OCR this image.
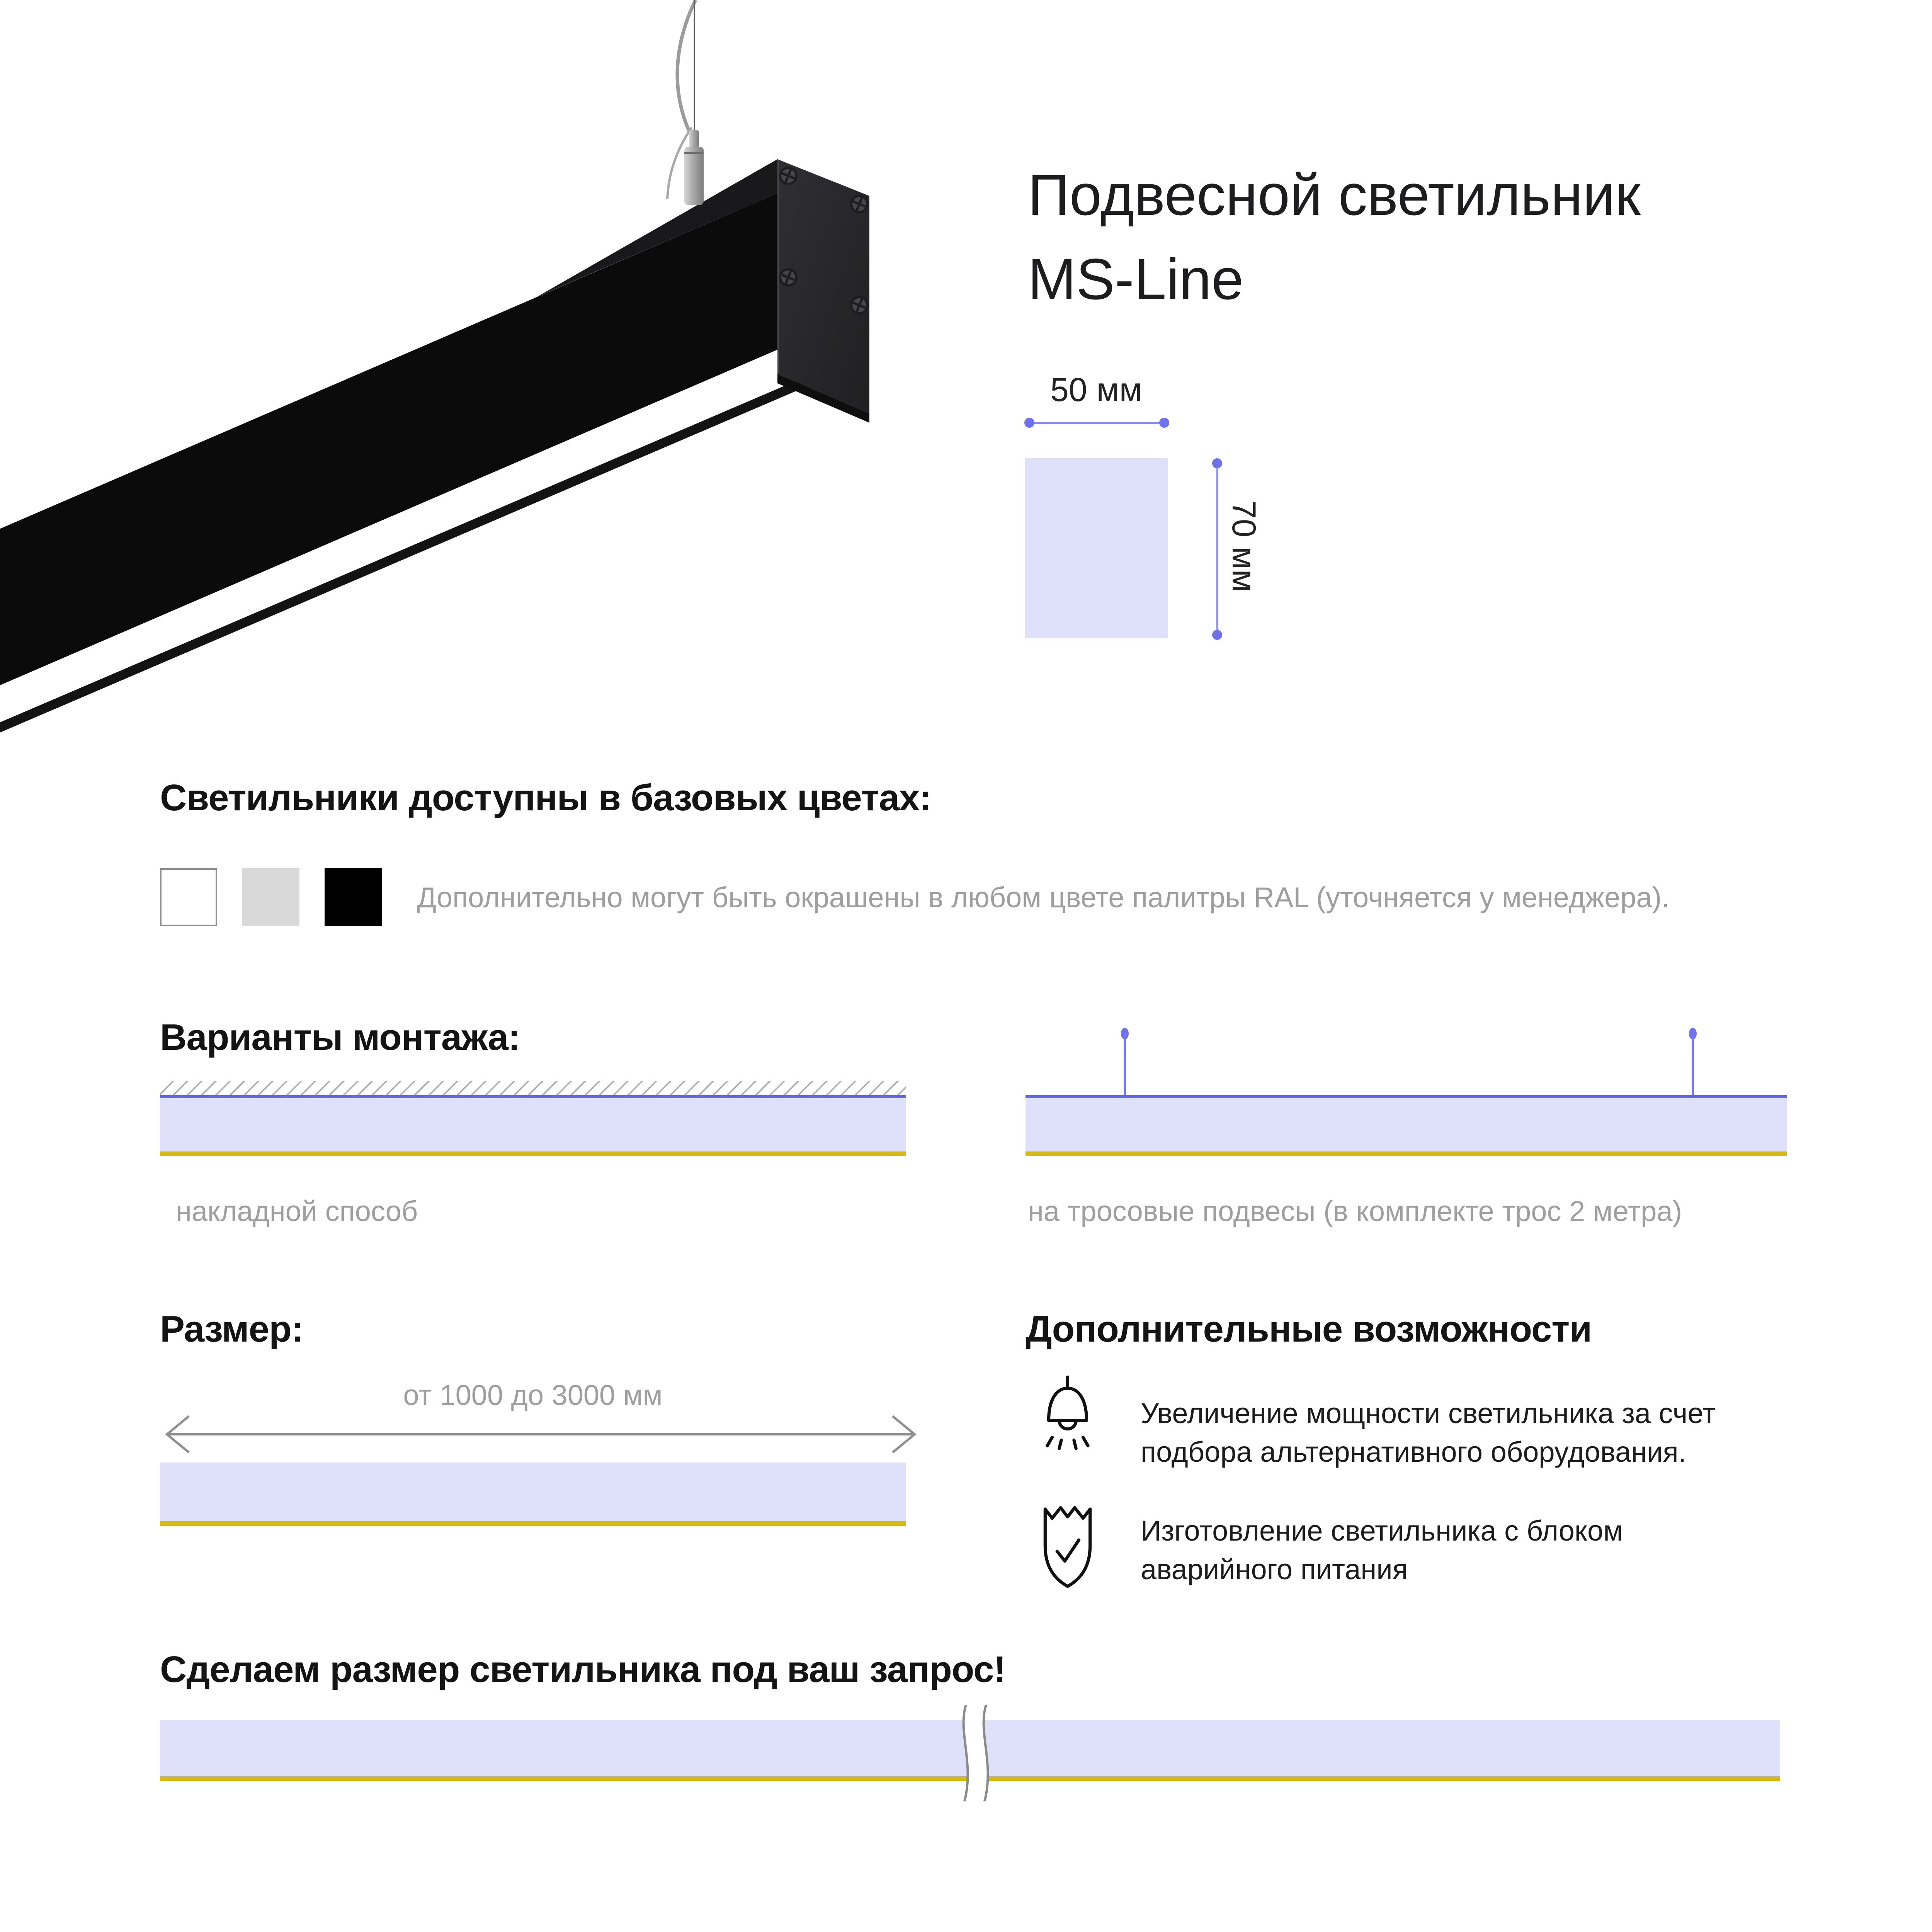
Подвесной светильник
MS-Line
50 мм
70 мм
Светильники доступны в базовых цветах:
Дополнительно могут быть окрашены в любом цвете палитры RAL (уточняется у менеджера).
Варианты монтажа:
накладной способ	на тросовые подвесы (в комплекте трос 2 метра)
Размер:
от 1000 до 3000 мм
Дополнительные возможности
Увеличение мощности светильника за счет
подбора альтернативного оборудования.
Изготовление светильника с блоком
аварийного питания
Сделаем размер светильника под ваш запрос!
